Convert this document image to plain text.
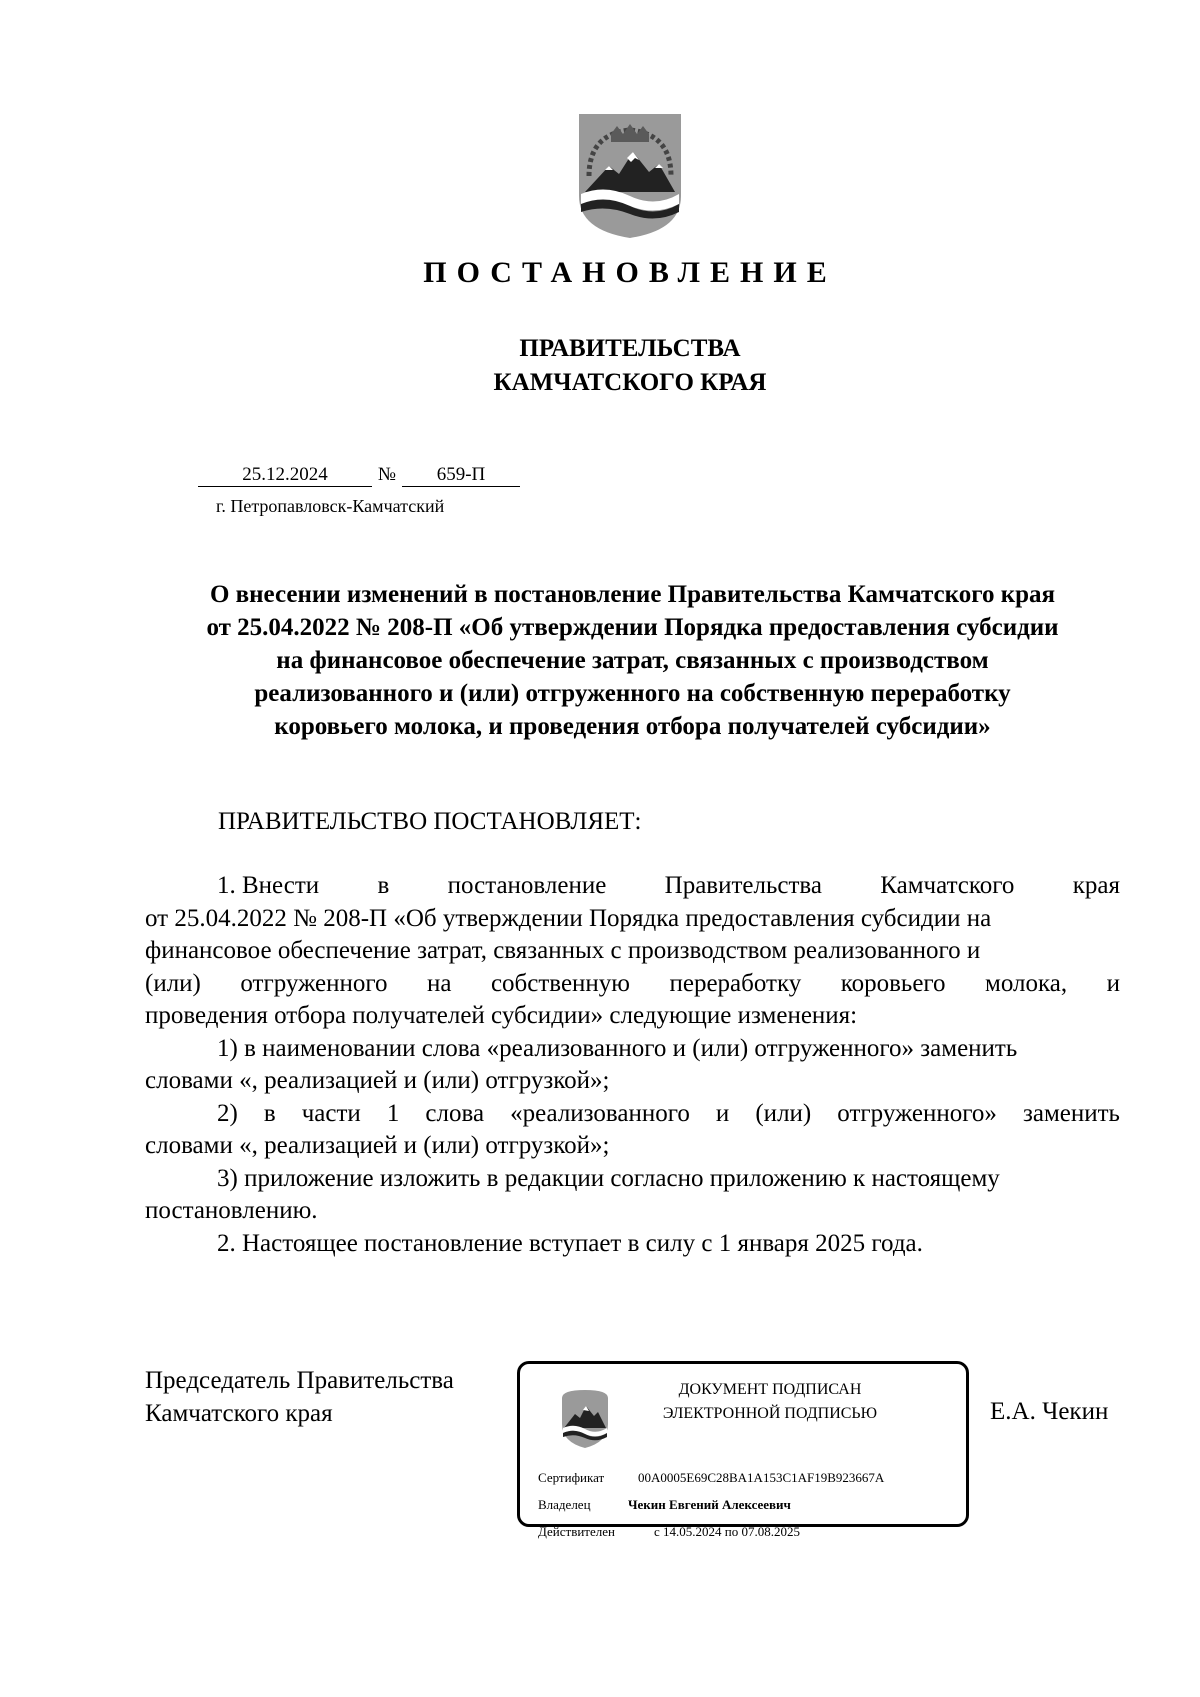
ПОСТАНОВЛЕНИЕ
ПРАВИТЕЛЬСТВА
КАМЧАТСКОГО КРАЯ
25.12.2024	№ 659-П
г. Петропавловск-Камчатский
О внесении изменений в постановление Правительства Камчатского края
от 25.04.2022 № 208-П «Об утверждении Порядка предоставления субсидии
на финансовое обеспечение затрат, связанных с производством
реализованного и (или) отгруженного на собственную переработку
коровьего молока, и проведения отбора получателей субсидии»
ПРАВИТЕЛЬСТВО ПОСТАНОВЛЯЕТ:
1. Внести в постановление Правительства Камчатского края
от 25.04.2022 № 208-П «Об утверждении Порядка предоставления субсидии на
финансовое обеспечение затрат, связанных с производством реализованного и
(или) отгруженного на собственную переработку коровьего молока, и
проведения отбора получателей субсидии» следующие изменения:
1) в наименовании слова «реализованного и (или) отгруженного» заменить
словами «, реализацией и (или) отгрузкой»;
2) в части 1 слова «реализованного и (или) отгруженного» заменить
словами «, реализацией и (или) отгрузкой»;
3) приложение изложить в редакции согласно приложению к настоящему
постановлению.
2. Настоящее постановление вступает в силу с 1 января 2025 года.
Председатель Правительства
Камчатского края
ДОКУМЕНТ ПОДПИСАН
ЭЛЕКТРОННОЙ ПОДПИСЬЮ
Сертификат	00A0005E69C28BA1A153C1AF19B923667A
Владелец	Чекин Евгений Алексеевич
Действителен	с 14.05.2024 по 07.08.2025
Е.А. Чекин
